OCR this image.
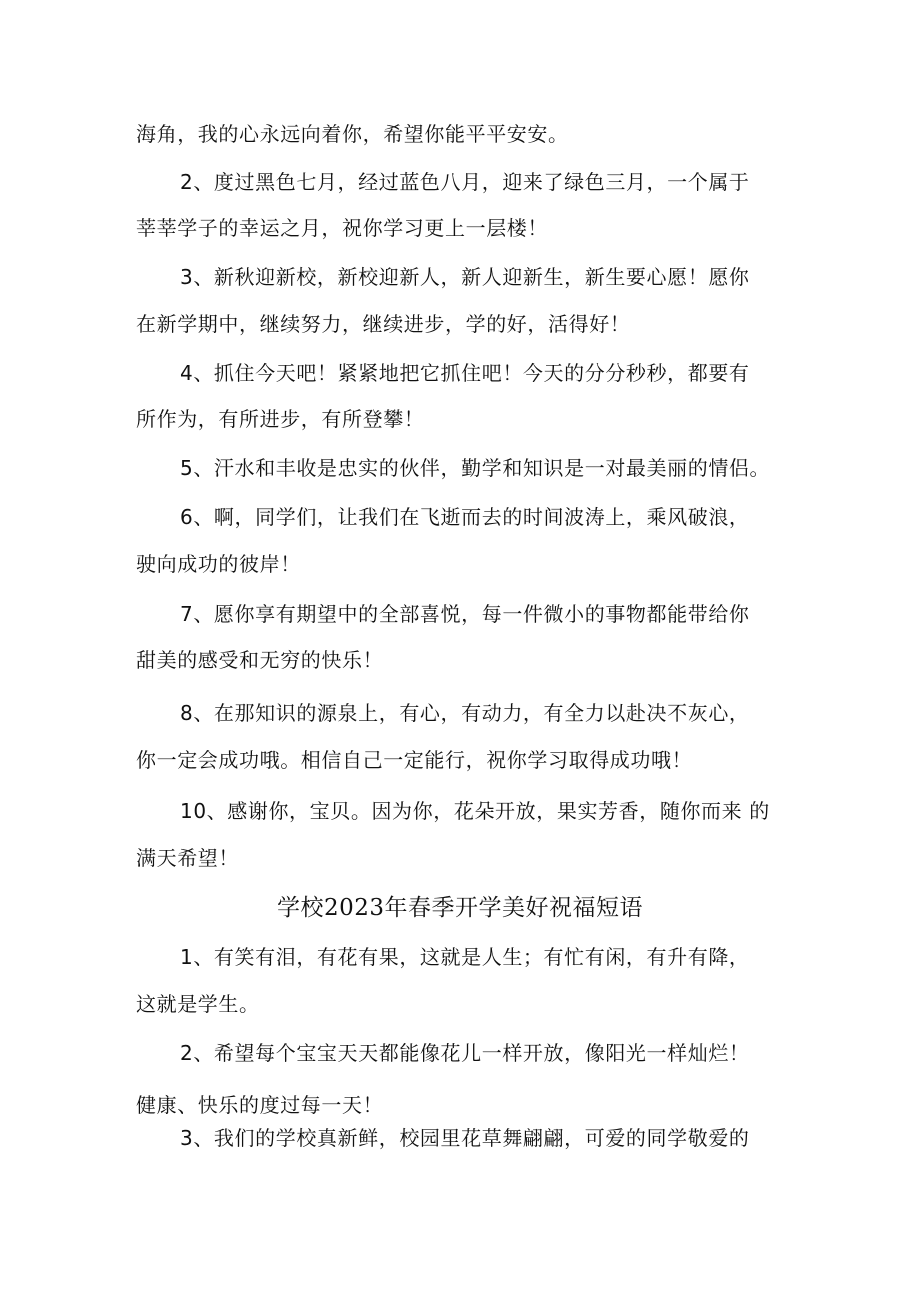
海角，我的心永远向着你，希望你能平平安安。
2、度过黑色七月，经过蓝色八月，迎来了绿色三月，一个属于
莘莘学子的幸运之月，祝你学习更上一层楼！
3、新秋迎新校，新校迎新人，新人迎新生，新生要心愿！愿你
在新学期中，继续努力，继续进步，学的好，活得好！
4、抓住今天吧！紧紧地把它抓住吧！今天的分分秒秒，都要有
所作为，有所进步，有所登攀！
5、汗水和丰收是忠实的伙伴，勤学和知识是一对最美丽的情侣。
6、啊，同学们，让我们在飞逝而去的时间波涛上，乘风破浪，
驶向成功的彼岸！
7、愿你享有期望中的全部喜悦，每一件微小的事物都能带给你
甜美的感受和无穷的快乐！
8、在那知识的源泉上，有心，有动力，有全力以赴决不灰心，
你一定会成功哦。相信自己一定能行，祝你学习取得成功哦！
10、感谢你，宝贝。因为你，花朵开放，果实芳香，随你而来 的
满天希望！
学校2023年春季开学美好祝福短语
1、有笑有泪，有花有果，这就是人生；有忙有闲，有升有降，
这就是学生。
2、希望每个宝宝天天都能像花儿一样开放，像阳光一样灿烂！
健康、快乐的度过每一天！
3、我们的学校真新鲜，校园里花草舞翩翩，可爱的同学敬爱的
